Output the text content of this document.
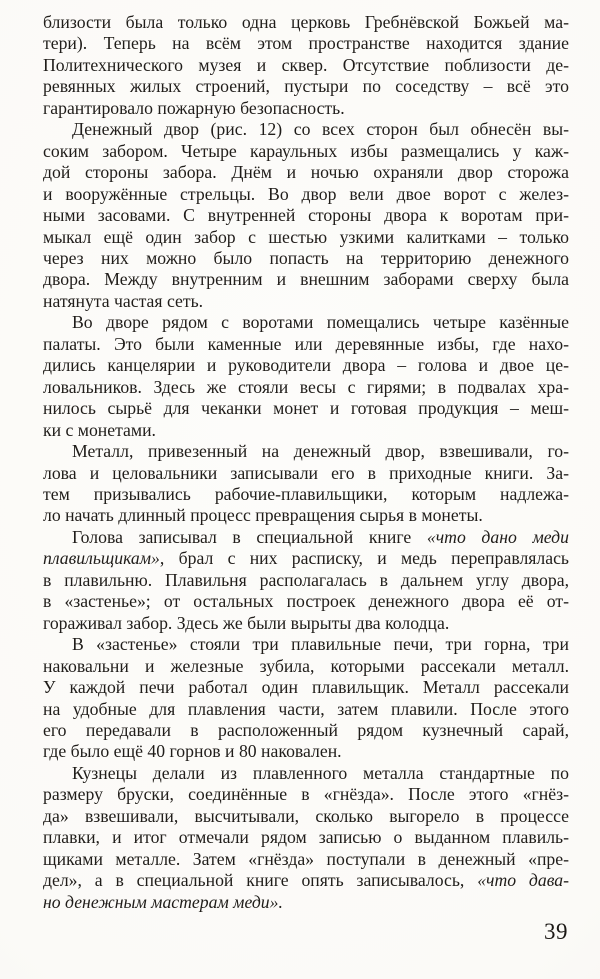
близости была только одна церковь Гребнёвской Божьей ма-
тери). Теперь на всём этом пространстве находится здание
Политехнического музея и сквер. Отсутствие поблизости де-
ревянных жилых строений, пустыри по соседству – всё это
гарантировало пожарную безопасность.
Денежный двор (рис. 12) со всех сторон был обнесён вы-
соким забором. Четыре караульных избы размещались у каж-
дой стороны забора. Днём и ночью охраняли двор сторожа
и вооружённые стрельцы. Во двор вели двое ворот с желез-
ными засовами. С внутренней стороны двора к воротам при-
мыкал ещё один забор с шестью узкими калитками – только
через них можно было попасть на территорию денежного
двора. Между внутренним и внешним заборами сверху была
натянута частая сеть.
Во дворе рядом с воротами помещались четыре казённые
палаты. Это были каменные или деревянные избы, где нахо-
дились канцелярии и руководители двора – голова и двое це-
ловальников. Здесь же стояли весы с гирями; в подвалах хра-
нилось сырьё для чеканки монет и готовая продукция – меш-
ки с монетами.
Металл, привезенный на денежный двор, взвешивали, го-
лова и целовальники записывали его в приходные книги. За-
тем призывались рабочие-плавильщики, которым надлежа-
ло начать длинный процесс превращения сырья в монеты.
Голова записывал в специальной книге «что дано меди
плавильщикам», брал с них расписку, и медь переправлялась
в плавильню. Плавильня располагалась в дальнем углу двора,
в «застенье»; от остальных построек денежного двора её от-
гораживал забор. Здесь же были вырыты два колодца.
В «застенье» стояли три плавильные печи, три горна, три
наковальни и железные зубила, которыми рассекали металл.
У каждой печи работал один плавильщик. Металл рассекали
на удобные для плавления части, затем плавили. После этого
его передавали в расположенный рядом кузнечный сарай,
где было ещё 40 горнов и 80 наковален.
Кузнецы делали из плавленного металла стандартные по
размеру бруски, соединённые в «гнёзда». После этого «гнёз-
да» взвешивали, высчитывали, сколько выгорело в процессе
плавки, и итог отмечали рядом записью о выданном плавиль-
щиками металле. Затем «гнёзда» поступали в денежный «пре-
дел», а в специальной книге опять записывалось, «что дава-
но денежным мастерам меди».
39
